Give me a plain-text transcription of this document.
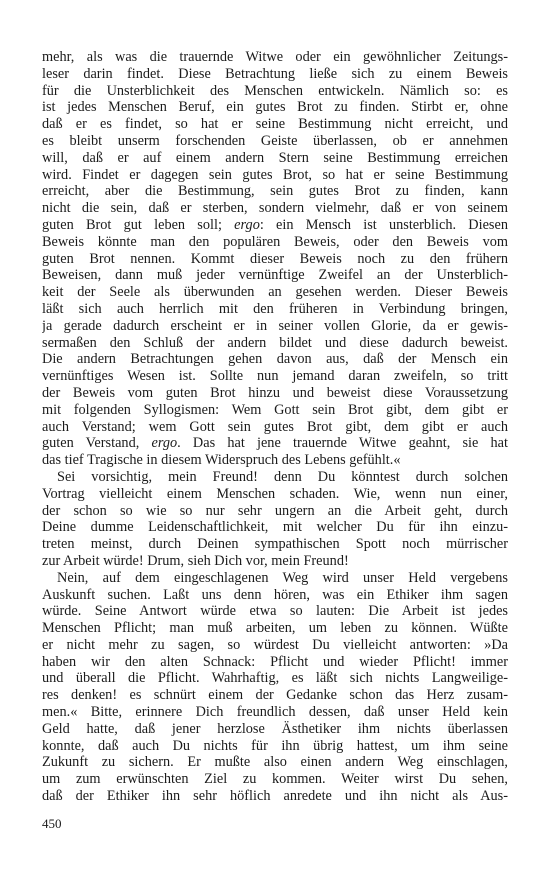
mehr, als was die trauernde Witwe oder ein gewöhnlicher Zeitungs-
leser darin findet. Diese Betrachtung ließe sich zu einem Beweis
für die Unsterblichkeit des Menschen entwickeln. Nämlich so: es
ist jedes Menschen Beruf, ein gutes Brot zu finden. Stirbt er, ohne
daß er es findet, so hat er seine Bestimmung nicht erreicht, und
es bleibt unserm forschenden Geiste überlassen, ob er annehmen
will, daß er auf einem andern Stern seine Bestimmung erreichen
wird. Findet er dagegen sein gutes Brot, so hat er seine Bestimmung
erreicht, aber die Bestimmung, sein gutes Brot zu finden, kann
nicht die sein, daß er sterben, sondern vielmehr, daß er von seinem
guten Brot gut leben soll; ergo: ein Mensch ist unsterblich. Diesen
Beweis könnte man den populären Beweis, oder den Beweis vom
guten Brot nennen. Kommt dieser Beweis noch zu den frühern
Beweisen, dann muß jeder vernünftige Zweifel an der Unsterblich-
keit der Seele als überwunden an gesehen werden. Dieser Beweis
läßt sich auch herrlich mit den früheren in Verbindung bringen,
ja gerade dadurch erscheint er in seiner vollen Glorie, da er gewis-
sermaßen den Schluß der andern bildet und diese dadurch beweist.
Die andern Betrachtungen gehen davon aus, daß der Mensch ein
vernünftiges Wesen ist. Sollte nun jemand daran zweifeln, so tritt
der Beweis vom guten Brot hinzu und beweist diese Voraussetzung
mit folgenden Syllogismen: Wem Gott sein Brot gibt, dem gibt er
auch Verstand; wem Gott sein gutes Brot gibt, dem gibt er auch
guten Verstand, ergo. Das hat jene trauernde Witwe geahnt, sie hat
das tief Tragische in diesem Widerspruch des Lebens gefühlt.«
Sei vorsichtig, mein Freund! denn Du könntest durch solchen
Vortrag vielleicht einem Menschen schaden. Wie, wenn nun einer,
der schon so wie so nur sehr ungern an die Arbeit geht, durch
Deine dumme Leidenschaftlichkeit, mit welcher Du für ihn einzu-
treten meinst, durch Deinen sympathischen Spott noch mürrischer
zur Arbeit würde! Drum, sieh Dich vor, mein Freund!
Nein, auf dem eingeschlagenen Weg wird unser Held vergebens
Auskunft suchen. Laßt uns denn hören, was ein Ethiker ihm sagen
würde. Seine Antwort würde etwa so lauten: Die Arbeit ist jedes
Menschen Pflicht; man muß arbeiten, um leben zu können. Wüßte
er nicht mehr zu sagen, so würdest Du vielleicht antworten: »Da
haben wir den alten Schnack: Pflicht und wieder Pflicht! immer
und überall die Pflicht. Wahrhaftig, es läßt sich nichts Langweilige-
res denken! es schnürt einem der Gedanke schon das Herz zusam-
men.« Bitte, erinnere Dich freundlich dessen, daß unser Held kein
Geld hatte, daß jener herzlose Ästhetiker ihm nichts überlassen
konnte, daß auch Du nichts für ihn übrig hattest, um ihm seine
Zukunft zu sichern. Er mußte also einen andern Weg einschlagen,
um zum erwünschten Ziel zu kommen. Weiter wirst Du sehen,
daß der Ethiker ihn sehr höflich anredete und ihn nicht als Aus-
450
